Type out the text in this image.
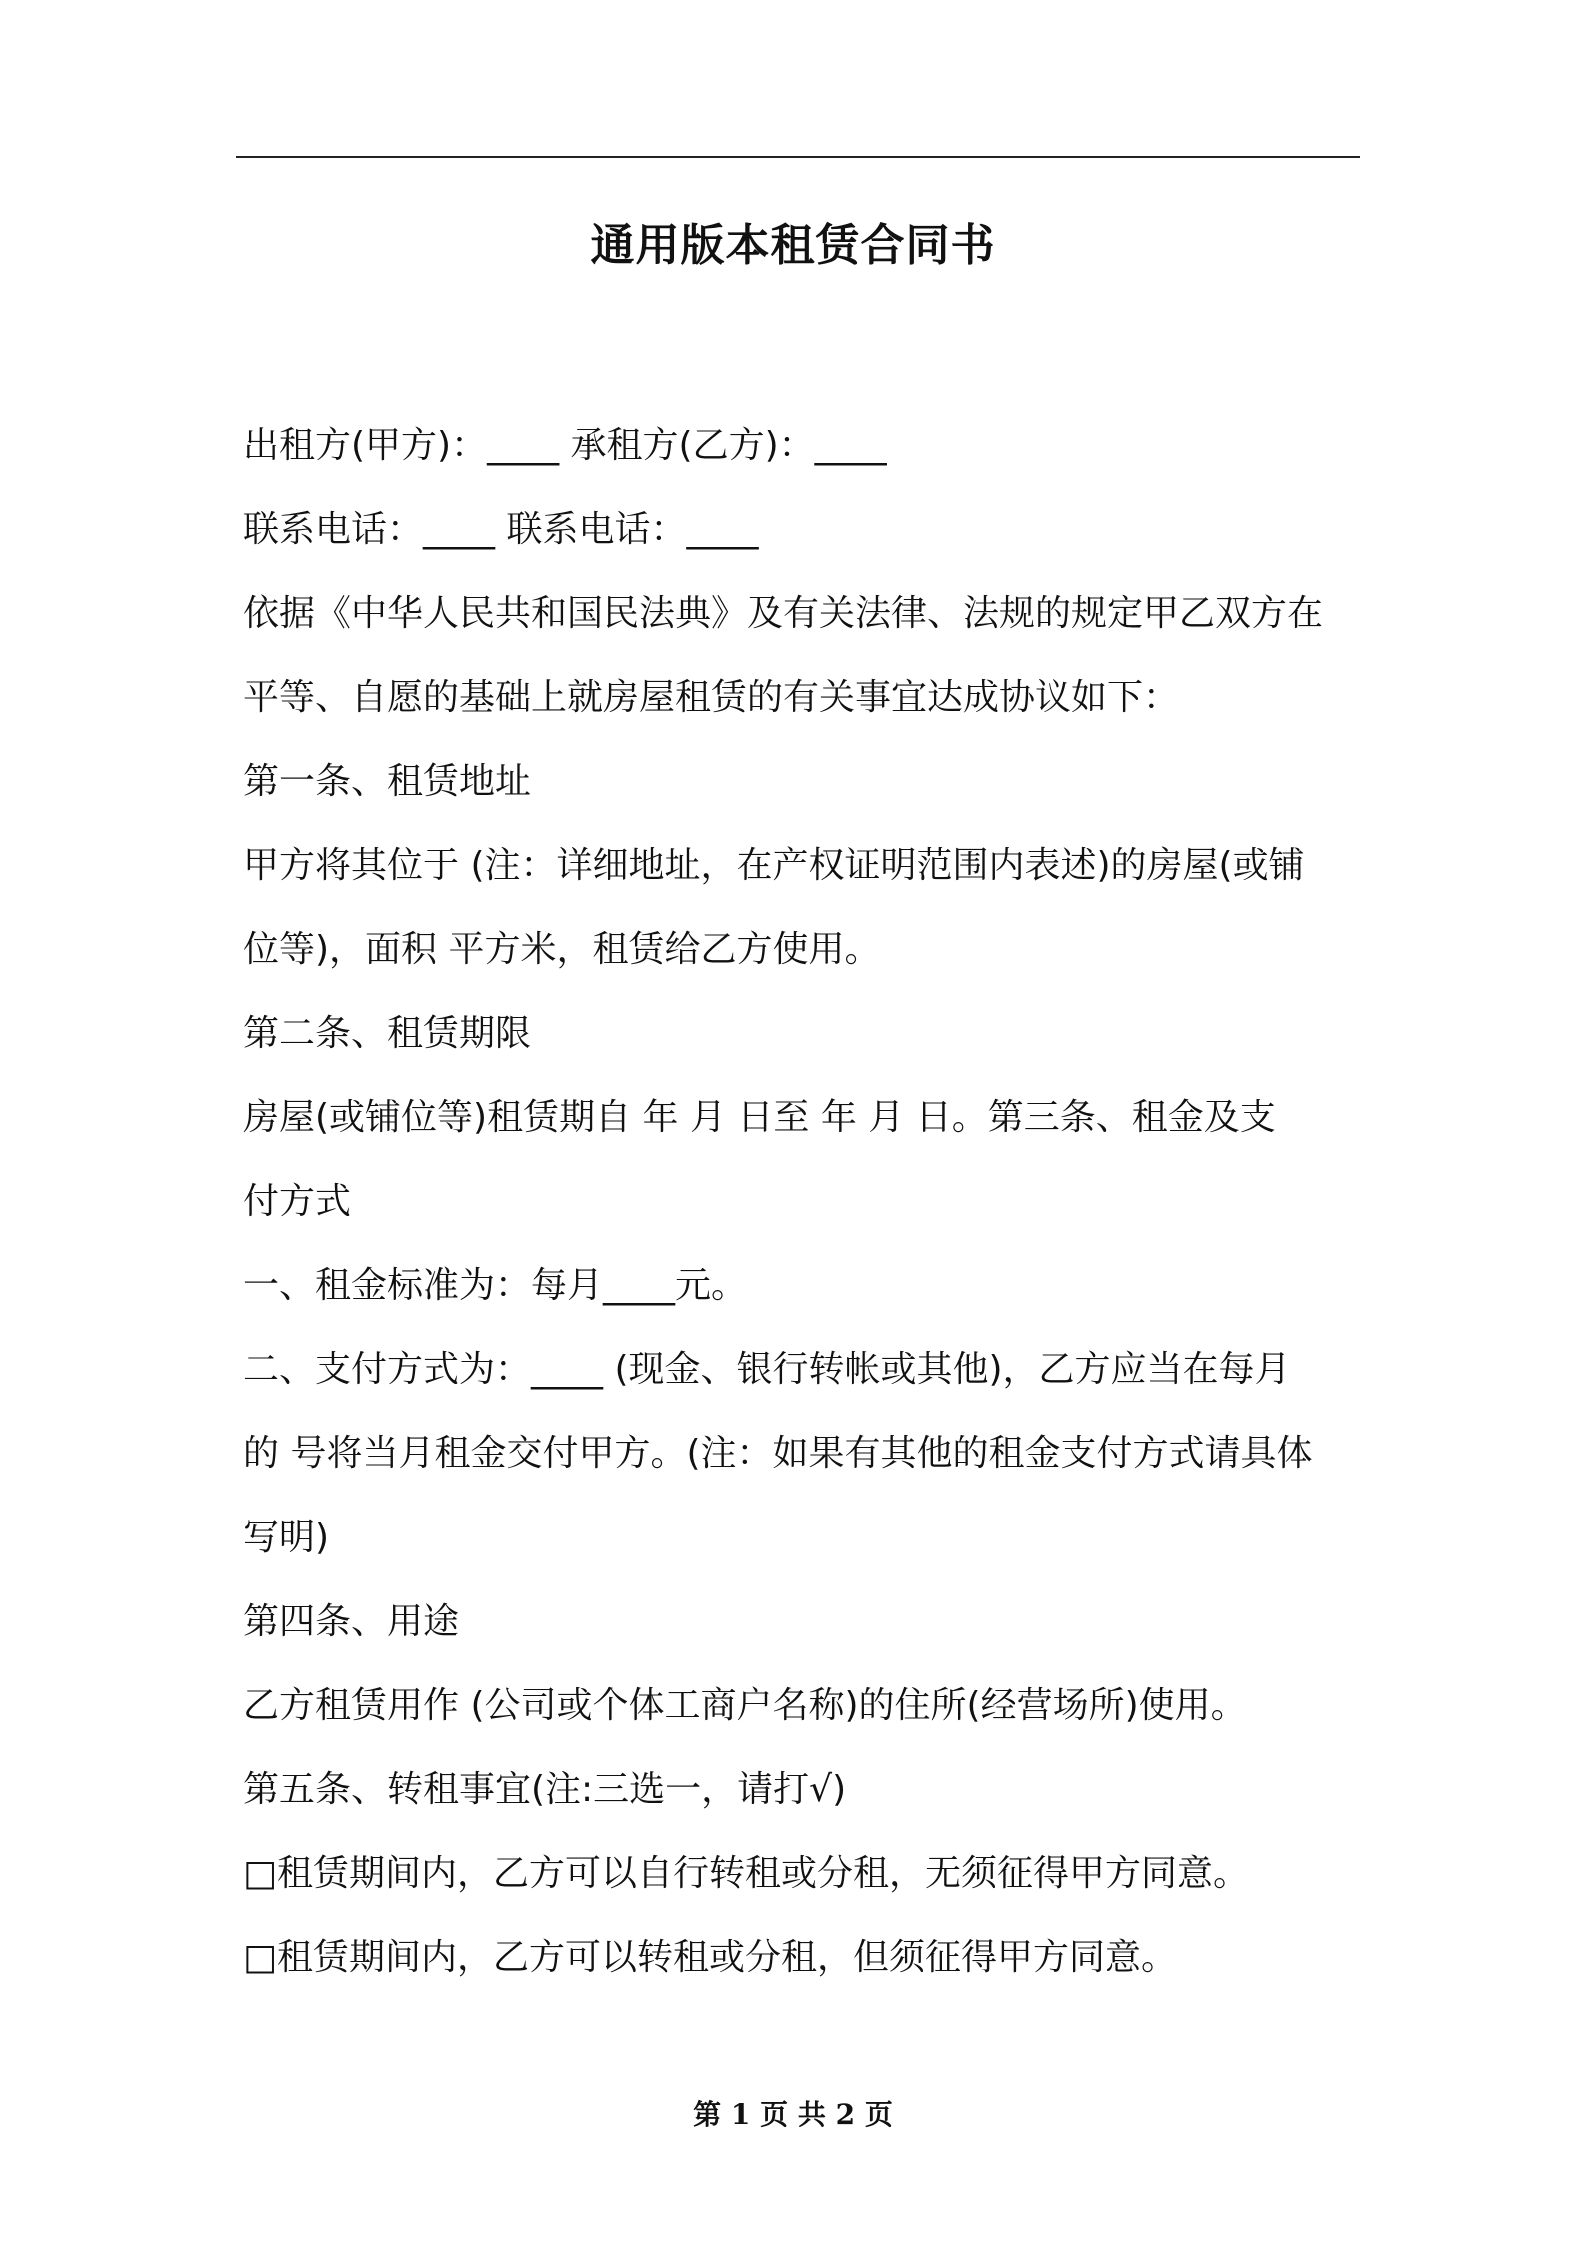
通用版本租赁合同书
出租方(甲方)：____ 承租方(乙方)：____
联系电话：____ 联系电话：____
依据《中华人民共和国民法典》及有关法律、法规的规定甲乙双方在
平等、自愿的基础上就房屋租赁的有关事宜达成协议如下：
第一条、租赁地址
甲方将其位于 (注：详细地址，在产权证明范围内表述)的房屋(或铺
位等)，面积 平方米，租赁给乙方使用。
第二条、租赁期限
房屋(或铺位等)租赁期自 年 月 日至 年 月 日。第三条、租金及支
付方式
一、租金标准为：每月____元。
二、支付方式为：____ (现金、银行转帐或其他)，乙方应当在每月
的 号将当月租金交付甲方。(注：如果有其他的租金支付方式请具体
写明)
第四条、用途
乙方租赁用作 (公司或个体工商户名称)的住所(经营场所)使用。
第五条、转租事宜(注:三选一，请打√)
□租赁期间内，乙方可以自行转租或分租，无须征得甲方同意。
□租赁期间内，乙方可以转租或分租，但须征得甲方同意。
第 1 页 共 2 页
